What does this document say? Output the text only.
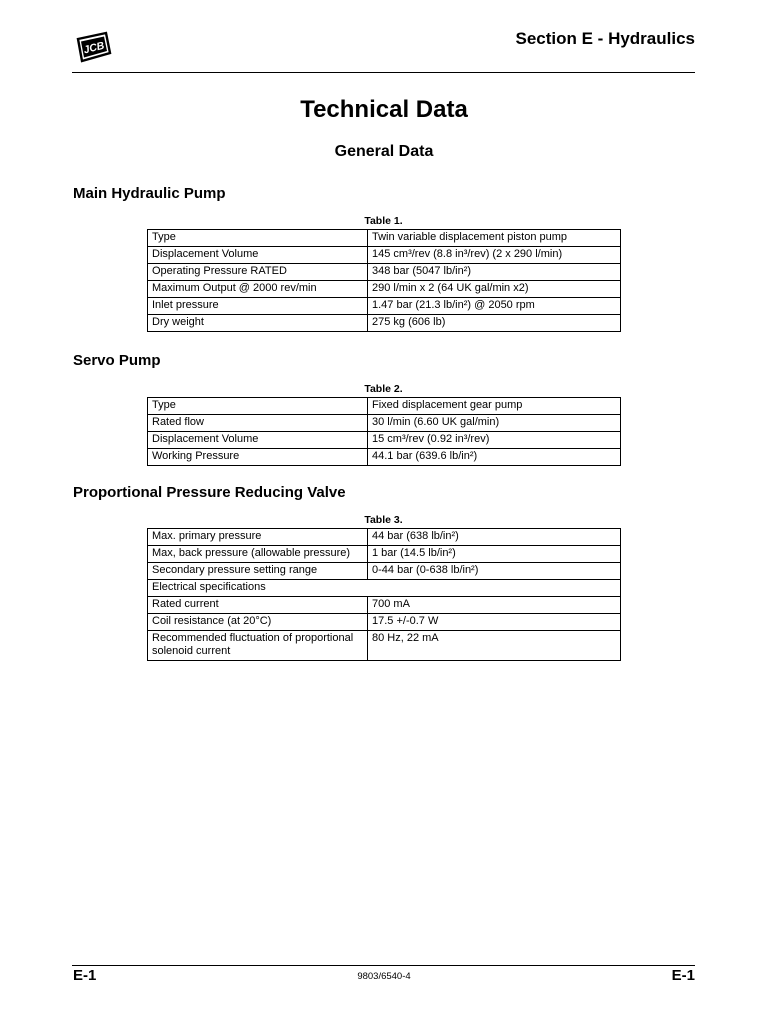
JCB	Section E - Hydraulics
Technical Data
General Data
Main Hydraulic Pump
Table 1.
Type	Twin variable displacement piston pump
Displacement Volume	145 cm³/rev (8.8 in³/rev) (2 x 290 l/min)
Operating Pressure RATED	348 bar (5047 lb/in²)
Maximum Output @ 2000 rev/min	290 l/min x 2 (64 UK gal/min x2)
Inlet pressure	1.47 bar (21.3 lb/in²) @ 2050 rpm
Dry weight	275 kg (606 lb)
Servo Pump
Table 2.
Type	Fixed displacement gear pump
Rated flow	30 l/min (6.60 UK gal/min)
Displacement Volume	15 cm³/rev (0.92 in³/rev)
Working Pressure	44.1 bar (639.6 lb/in²)
Proportional Pressure Reducing Valve
Table 3.
Max. primary pressure	44 bar (638 lb/in²)
Max, back pressure (allowable pressure)	1 bar (14.5 lb/in²)
Secondary pressure setting range	0-44 bar (0-638 lb/in²)
Electrical specifications	
Rated current	700 mA
Coil resistance (at 20°C)	17.5 +/-0.7 W
Recommended fluctuation of proportional solenoid current	80 Hz, 22 mA
E-1	9803/6540-4	E-1
